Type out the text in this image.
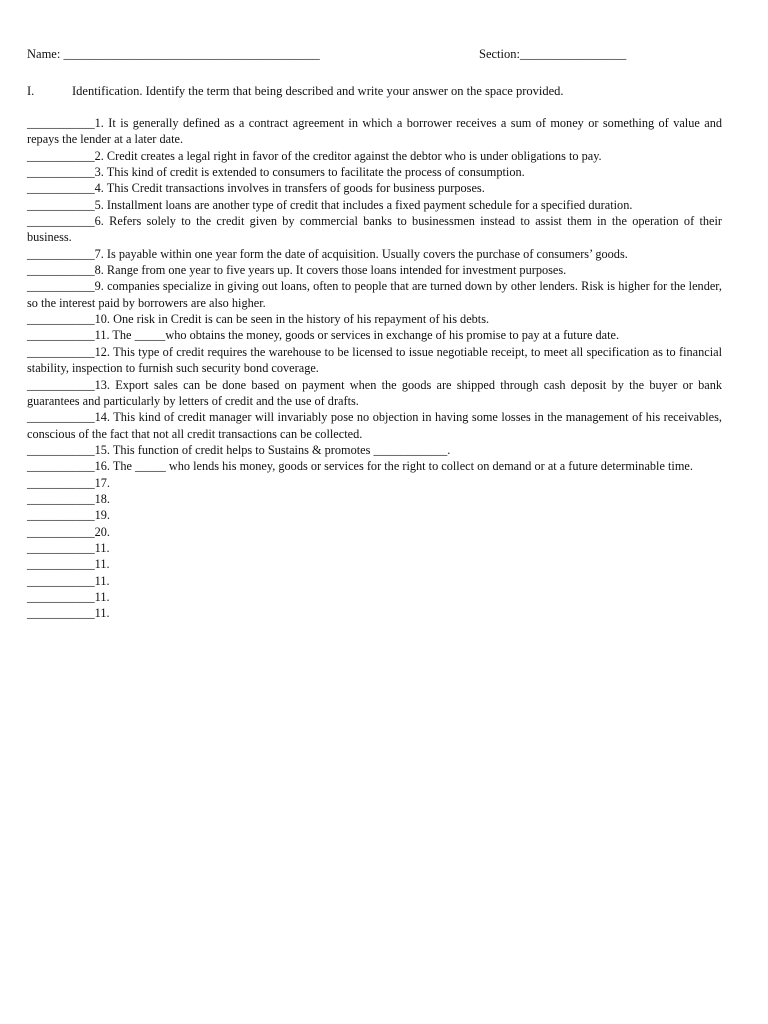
Name: _________________________________________	Section:_________________
I.	Identification. Identify the term that being described and write your answer on the space provided.

___________1. It is generally defined as a contract agreement in which a borrower receives a sum of money or something of value and repays the lender at a later date.

___________2. Credit creates a legal right in favor of the creditor against the debtor who is under obligations to pay.

___________3. This kind of credit is extended to consumers to facilitate the process of consumption.

___________4. This Credit transactions involves in transfers of goods for business purposes.

___________5. Installment loans are another type of credit that includes a fixed payment schedule for a specified duration.

___________6. Refers solely to the credit given by commercial banks to businessmen instead to assist them in the operation of their business.

___________7. Is payable within one year form the date of acquisition. Usually covers the purchase of consumers’ goods.

___________8. Range from one year to five years up. It covers those loans intended for investment purposes.

___________9. companies specialize in giving out loans, often to people that are turned down by other lenders. Risk is higher for the lender, so the interest paid by borrowers are also higher.

___________10. One risk in Credit is can be seen in the history of his repayment of his debts.

___________11. The _____who obtains the money, goods or services in exchange of his promise to pay at a future date.

___________12. This type of credit requires the warehouse to be licensed to issue negotiable receipt, to meet all specification as to financial stability, inspection to furnish such security bond coverage.

___________13. Export sales can be done based on payment when the goods are shipped through cash deposit by the buyer or bank guarantees and particularly by letters of credit and the use of drafts.

___________14. This kind of credit manager will invariably pose no objection in having some losses in the management of his receivables, conscious of the fact that not all credit transactions can be collected.

___________15. This function of credit helps to Sustains & promotes ____________.

___________16. The _____ who lends his money, goods or services for the right to collect on demand or at a future determinable time.

___________17.

___________18.

___________19.

___________20.

___________11.

___________11.

___________11.

___________11.

___________11.
